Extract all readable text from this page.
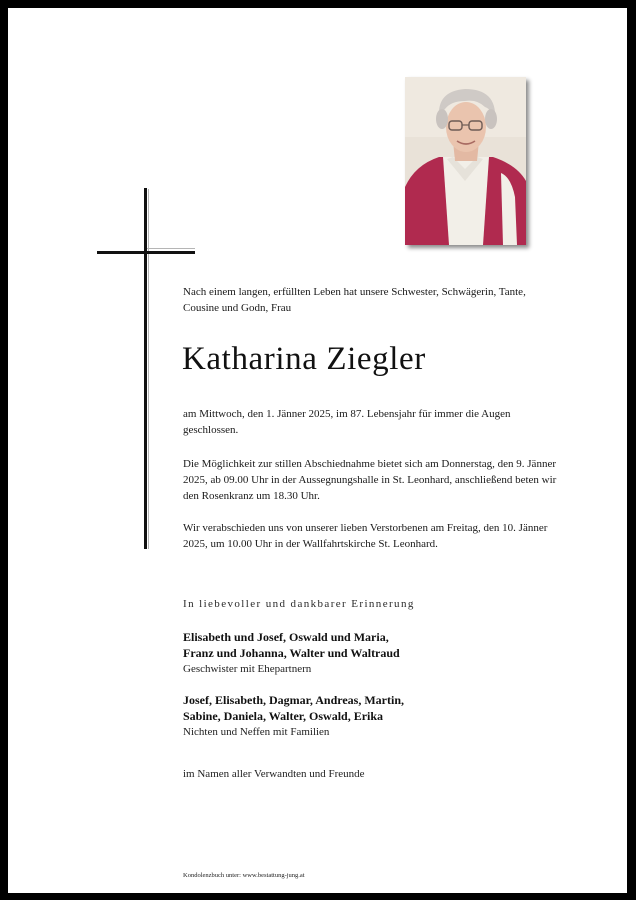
Nach einem langen, erfüllten Leben hat unsere Schwester, Schwägerin, Tante, Cousine und Godn, Frau
Katharina Ziegler
am Mittwoch, den 1. Jänner 2025, im 87. Lebensjahr für immer die Augen geschlossen.
Die Möglichkeit zur stillen Abschiednahme bietet sich am Donnerstag, den 9. Jänner 2025, ab 09.00 Uhr in der Aussegnungshalle in St. Leonhard, anschließend beten wir den Rosenkranz um 18.30 Uhr.
Wir verabschieden uns von unserer lieben Verstorbenen am Freitag, den 10. Jänner 2025, um 10.00 Uhr in der Wallfahrtskirche St. Leonhard.
In liebevoller und dankbarer Erinnerung
Elisabeth und Josef, Oswald und Maria,
Franz und Johanna, Walter und Waltraud
Geschwister mit Ehepartnern
Josef, Elisabeth, Dagmar, Andreas, Martin,
Sabine, Daniela, Walter, Oswald, Erika
Nichten und Neffen mit Familien
im Namen aller Verwandten und Freunde
Kondolenzbuch unter: www.bestattung-jung.at
